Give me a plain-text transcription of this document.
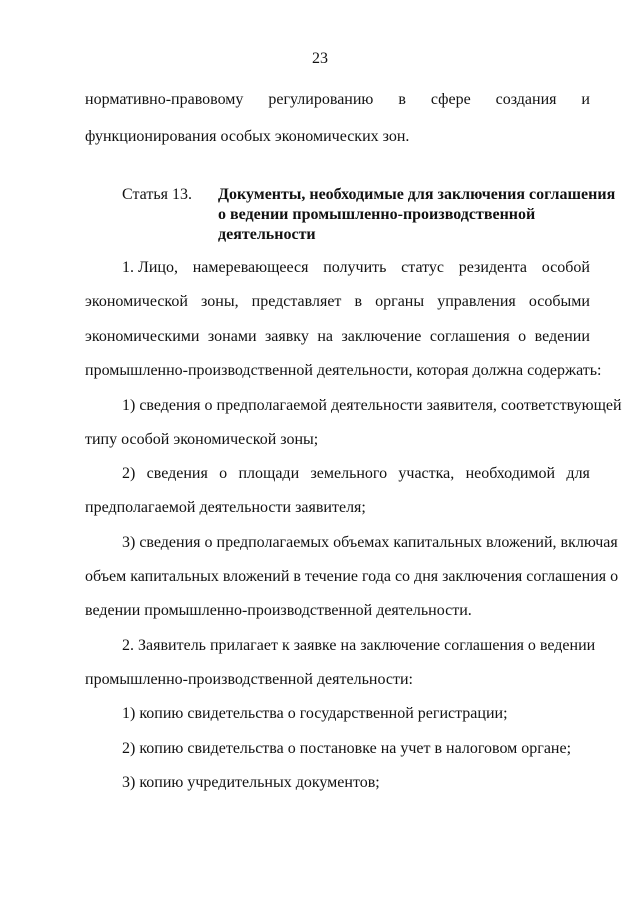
23
нормативно-правовому регулированию в сфере создания и
функционирования особых экономических зон.
Статья 13. Документы, необходимые для заключения соглашения
о ведении промышленно-производственной
деятельности
1. Лицо, намеревающееся получить статус резидента особой
экономической зоны, представляет в органы управления особыми
экономическими зонами заявку на заключение соглашения о ведении
промышленно-производственной деятельности, которая должна содержать:
1) сведения о предполагаемой деятельности заявителя, соответствующей
типу особой экономической зоны;
2) сведения о площади земельного участка, необходимой для
предполагаемой деятельности заявителя;
3) сведения о предполагаемых объемах капитальных вложений, включая
объем капитальных вложений в течение года со дня заключения соглашения о
ведении промышленно-производственной деятельности.
2. Заявитель прилагает к заявке на заключение соглашения о ведении
промышленно-производственной деятельности:
1) копию свидетельства о государственной регистрации;
2) копию свидетельства о постановке на учет в налоговом органе;
3) копию учредительных документов;
